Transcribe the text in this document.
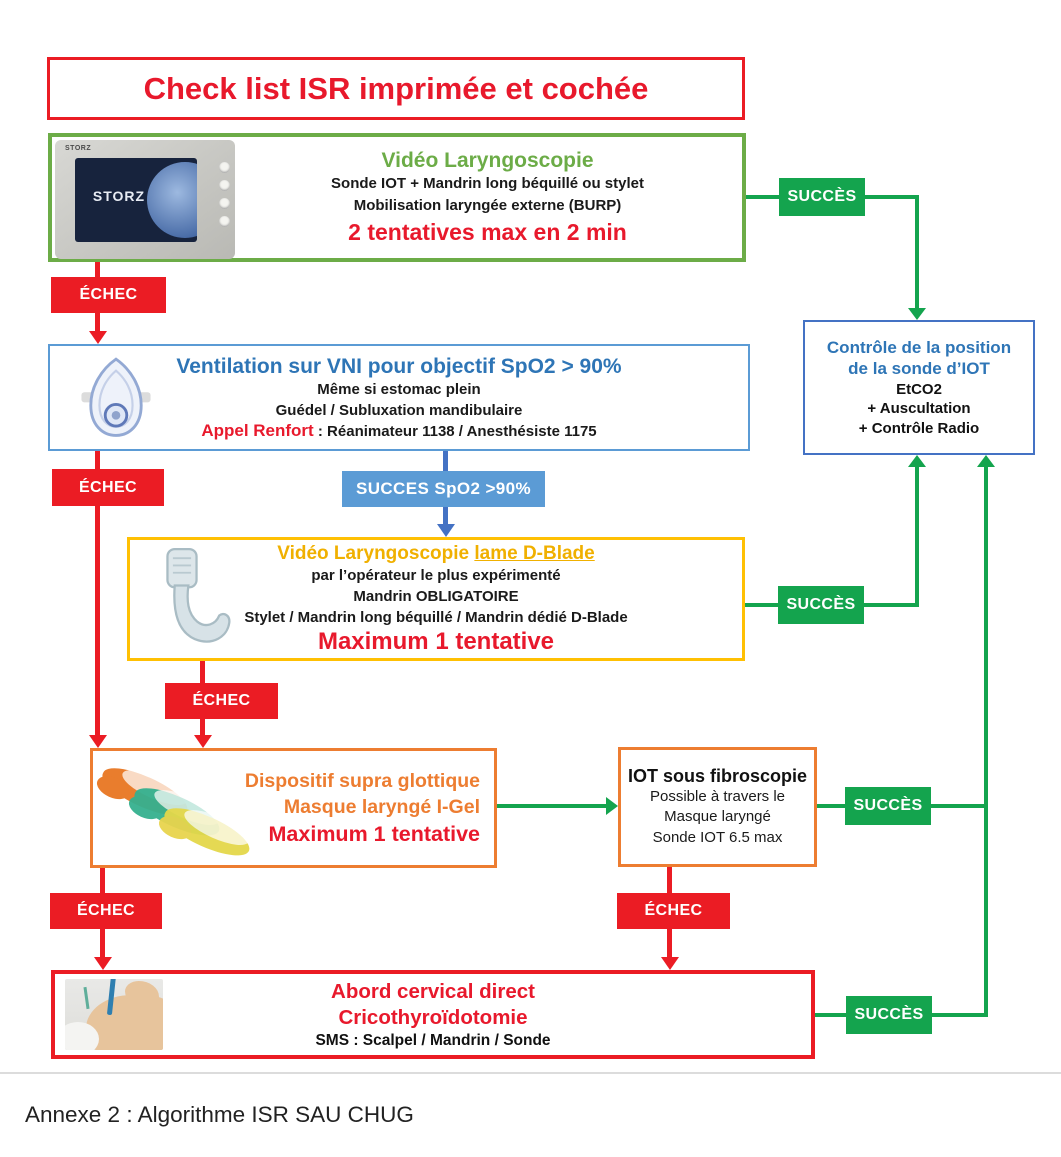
Check list ISR imprimée et cochée
STORZ
STORZ
Vidéo Laryngoscopie
Sonde IOT + Mandrin long béquillé ou stylet
Mobilisation laryngée externe (BURP)
2 tentatives max en 2 min
Contrôle de la position
de la sonde d’IOT
EtCO2
+ Auscultation
+ Contrôle Radio
Ventilation sur VNI pour objectif SpO2 > 90%
Même si estomac plein
Guédel / Subluxation mandibulaire
Appel Renfort : Réanimateur 1138 / Anesthésiste 1175
Vidéo Laryngoscopie lame D-Blade
par l’opérateur le plus expérimenté
Mandrin OBLIGATOIRE
Stylet / Mandrin long béquillé / Mandrin dédié D-Blade
Maximum 1 tentative
Dispositif supra glottique
Masque laryngé I-Gel
Maximum 1 tentative
IOT sous fibroscopie
Possible à travers le
Masque laryngé
Sonde IOT 6.5 max
Abord cervical direct
Cricothyroïdotomie
SMS : Scalpel / Mandrin / Sonde
ÉCHEC
ÉCHEC
ÉCHEC
ÉCHEC	ÉCHEC
SUCCÈS
SUCCÈS
SUCCÈS
SUCCÈS
SUCCES SpO2 >90%
Annexe 2 : Algorithme ISR SAU CHUG
